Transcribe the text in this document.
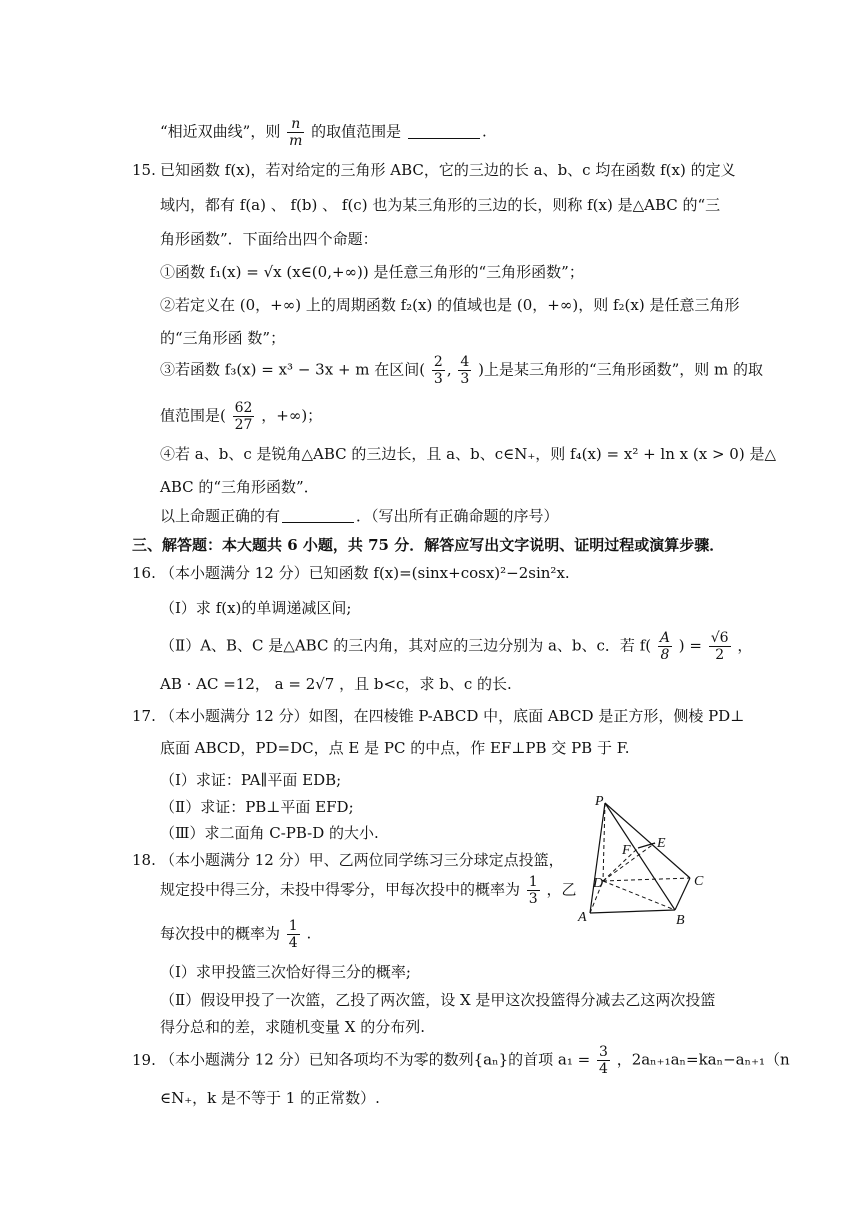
“相近双曲线”，则 $\frac{n}{m}$ 的取值范围是	.
15. 已知函数 f(x)，若对给定的三角形 ABC，它的三边的长 a、b、c 均在函数 f(x) 的定义
域内，都有 f(a) 、 f(b) 、 f(c) 也为某三角形的三边的长，则称 f(x) 是△ABC 的“三
角形函数”．下面给出四个命题：
①函数 f₁(x) = √x (x∈(0,+∞)) 是任意三角形的“三角形函数”；
②若定义在 (0，+∞) 上的周期函数 f₂(x) 的值域也是 (0，+∞)，则 f₂(x) 是任意三角形
的“三角形函 数”；
③若函数 f₃(x) = x³ − 3x + m 在区间( $\frac{2}{3}$ , $\frac{4}{3}$ )上是某三角形的“三角形函数”，则 m 的取
值范围是( $\frac{62}{27}$ ，+∞)；
④若 a、b、c 是锐角△ABC 的三边长，且 a、b、c∈N₊，则 f₄(x) = x² + ln x (x > 0) 是△
ABC 的“三角形函数”．
以上命题正确的有	．（写出所有正确命题的序号）
三、解答题：本大题共 6 小题，共 75 分．解答应写出文字说明、证明过程或演算步骤．
16. （本小题满分 12 分）已知函数 f(x)=(sinx+cosx)²−2sin²x.
（Ⅰ）求 f(x)的单调递减区间;
（Ⅱ）A、B、C 是△ABC 的三内角，其对应的三边分别为 a、b、c．若 $f( \frac{A}{8}$ ) = $\frac{√6}{2}$ ，
AB · AC =12， a = 2√7 ，且 b<c，求 b、c 的长.
17. （本小题满分 12 分）如图，在四棱锥 P-ABCD 中，底面 ABCD 是正方形，侧棱 PD⊥
底面 ABCD，PD=DC，点 E 是 PC 的中点，作 EF⊥PB 交 PB 于 F.
（Ⅰ）求证：PA∥平面 EDB;
（Ⅱ）求证：PB⊥平面 EFD;
（Ⅲ）求二面角 C-PB-D 的大小.
18. （本小题满分 12 分）甲、乙两位同学练习三分球定点投篮，
规定投中得三分，未投中得零分，甲每次投中的概率为 $\frac{1}{3}$ ，乙
每次投中的概率为 $\frac{1}{4}$ .
（Ⅰ）求甲投篮三次恰好得三分的概率;
（Ⅱ）假设甲投了一次篮，乙投了两次篮，设 X 是甲这次投篮得分减去乙这两次投篮
得分总和的差，求随机变量 X 的分布列.
19. （本小题满分 12 分）已知各项均不为零的数列{aₙ}的首项 $a_1 = \frac{3}{4}$ ，2aₙ₊₁aₙ=kaₙ−aₙ₊₁（n
∈N₊，k 是不等于 1 的正常数）.
P
E
F
D	C
A	B
